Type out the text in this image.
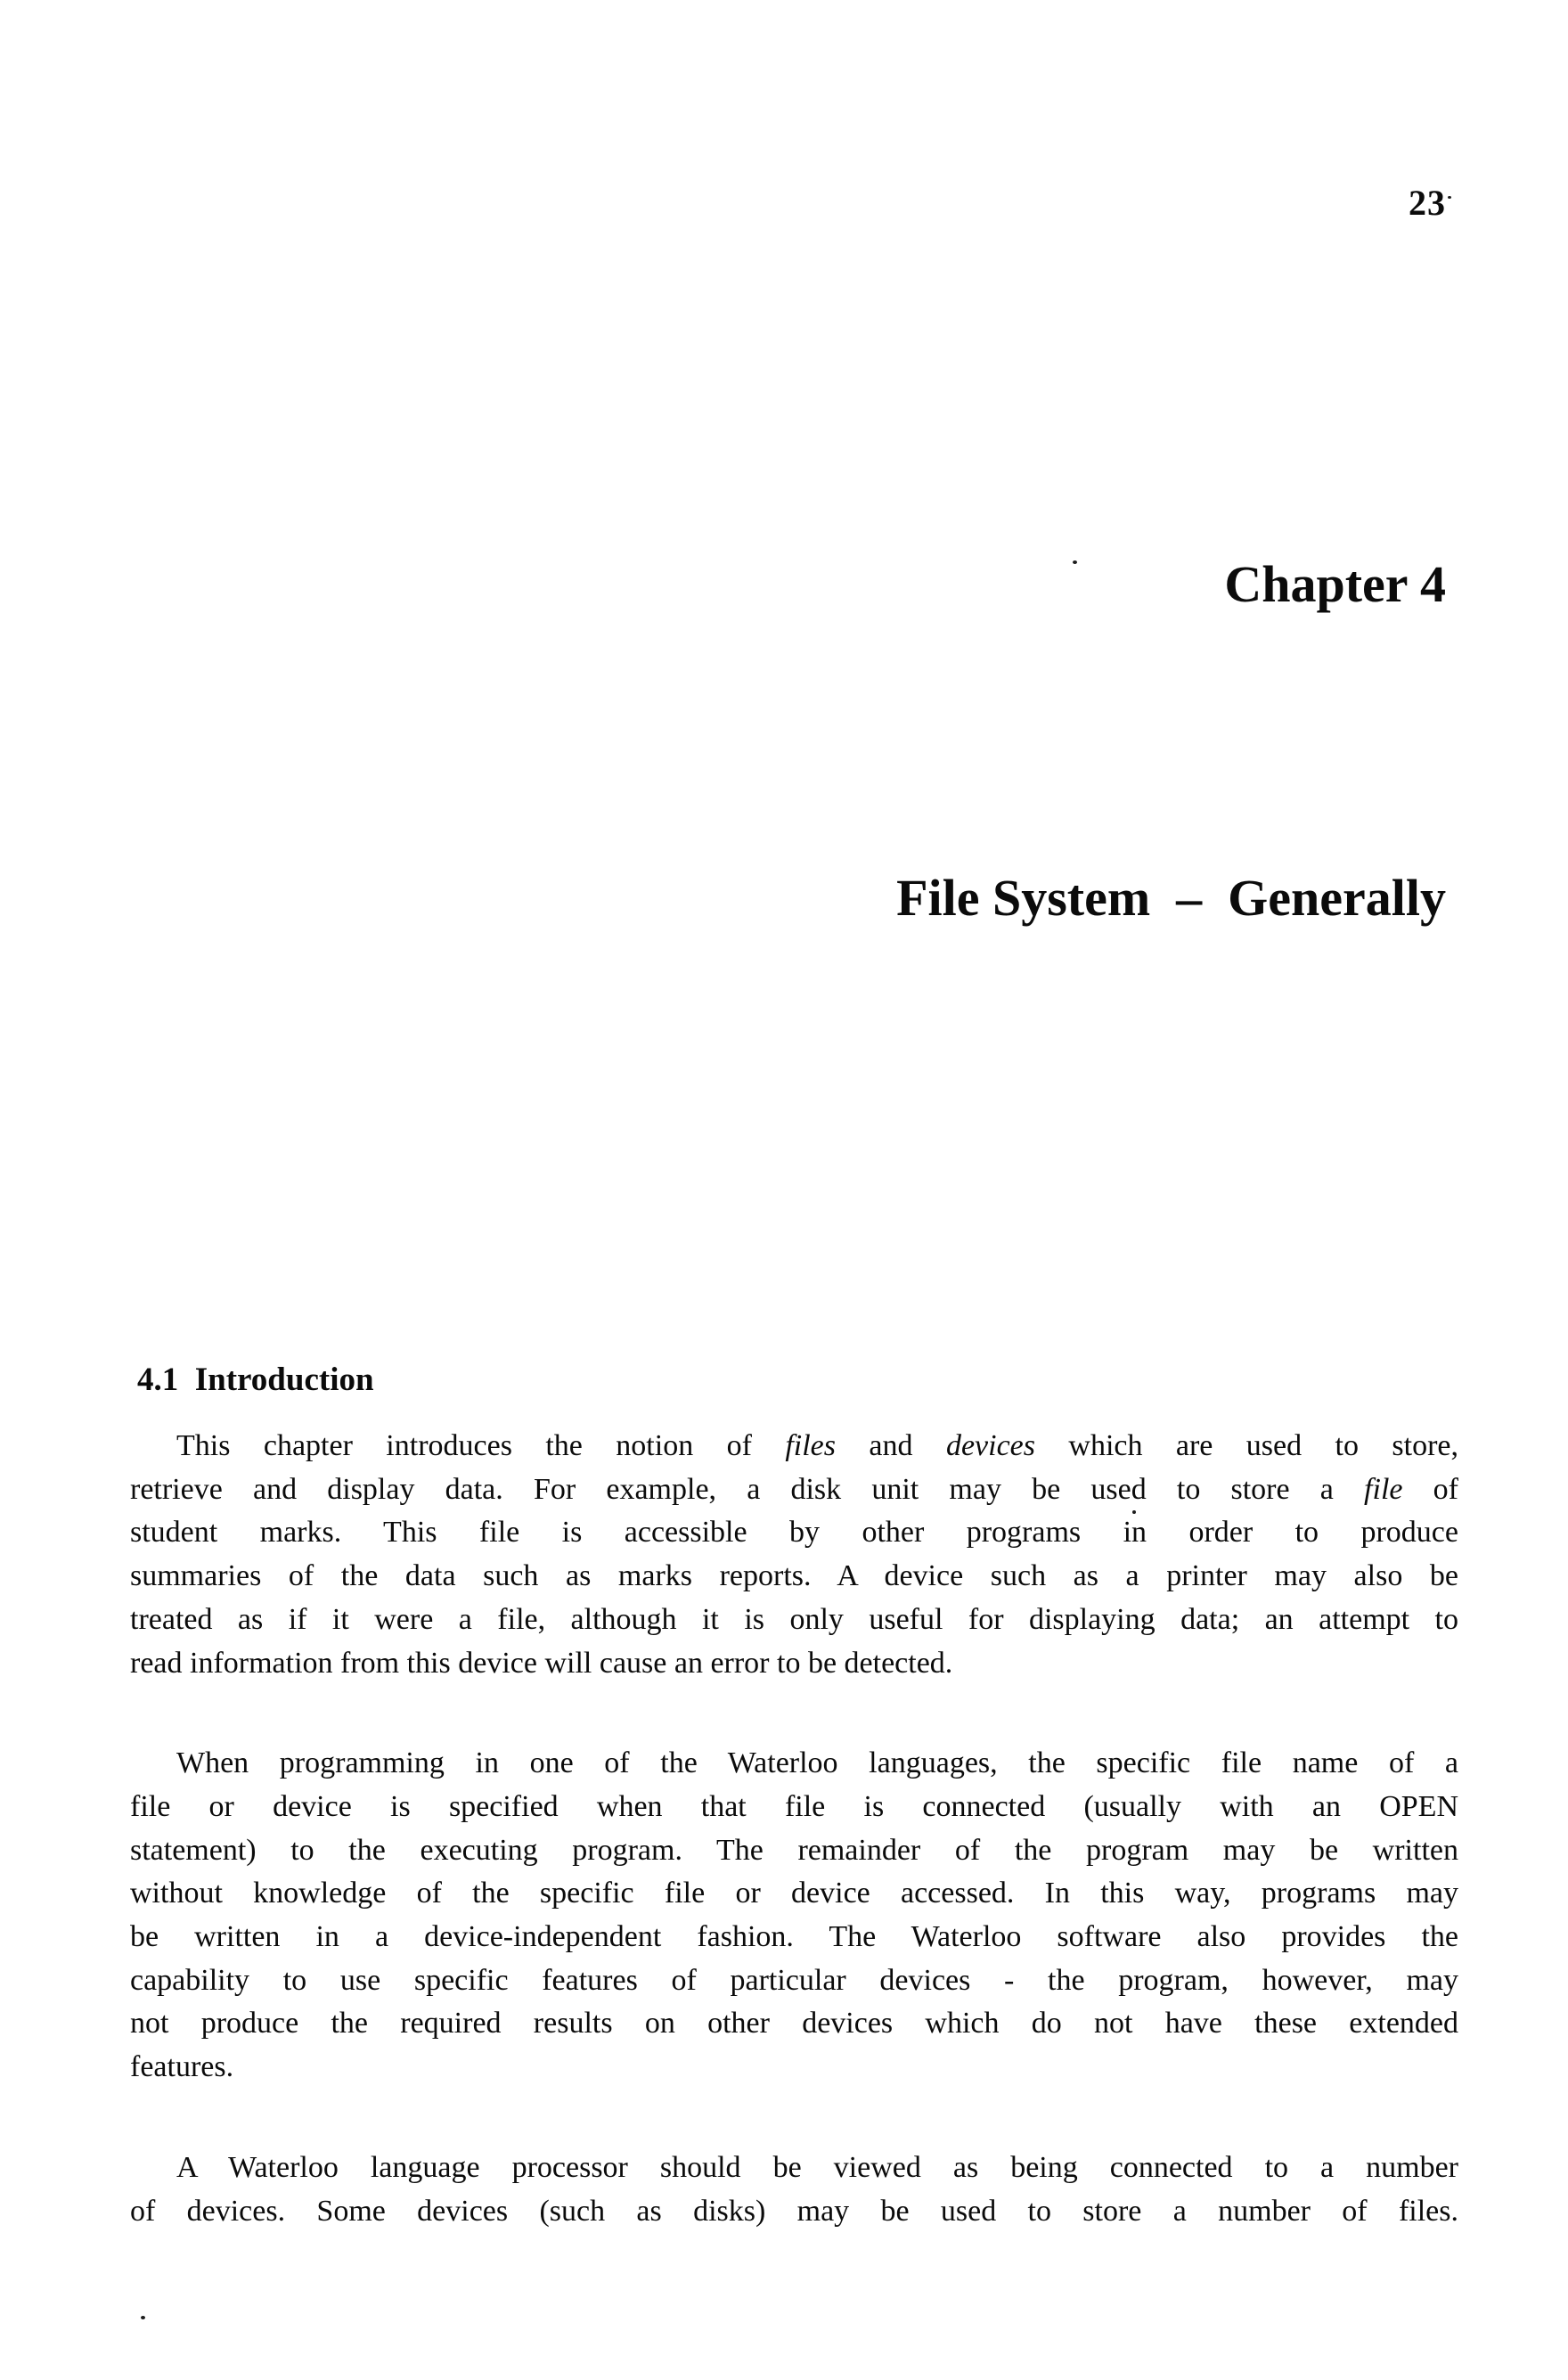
23
Chapter 4
File System  –  Generally
4.1  Introduction
This chapter introduces the notion of files and devices which are used to store,
retrieve and display data. For example, a disk unit may be used to store a file of
student marks. This file is accessible by other programs in order to produce
summaries of the data such as marks reports. A device such as a printer may also be
treated as if it were a file, although it is only useful for displaying data; an attempt to
read information from this device will cause an error to be detected.
When programming in one of the Waterloo languages, the specific file name of a
file or device is specified when that file is connected (usually with an OPEN
statement) to the executing program. The remainder of the program may be written
without knowledge of the specific file or device accessed. In this way, programs may
be written in a device-independent fashion. The Waterloo software also provides the
capability to use specific features of particular devices - the program, however, may
not produce the required results on other devices which do not have these extended
features.
A Waterloo language processor should be viewed as being connected to a number
of devices. Some devices (such as disks) may be used to store a number of files.
